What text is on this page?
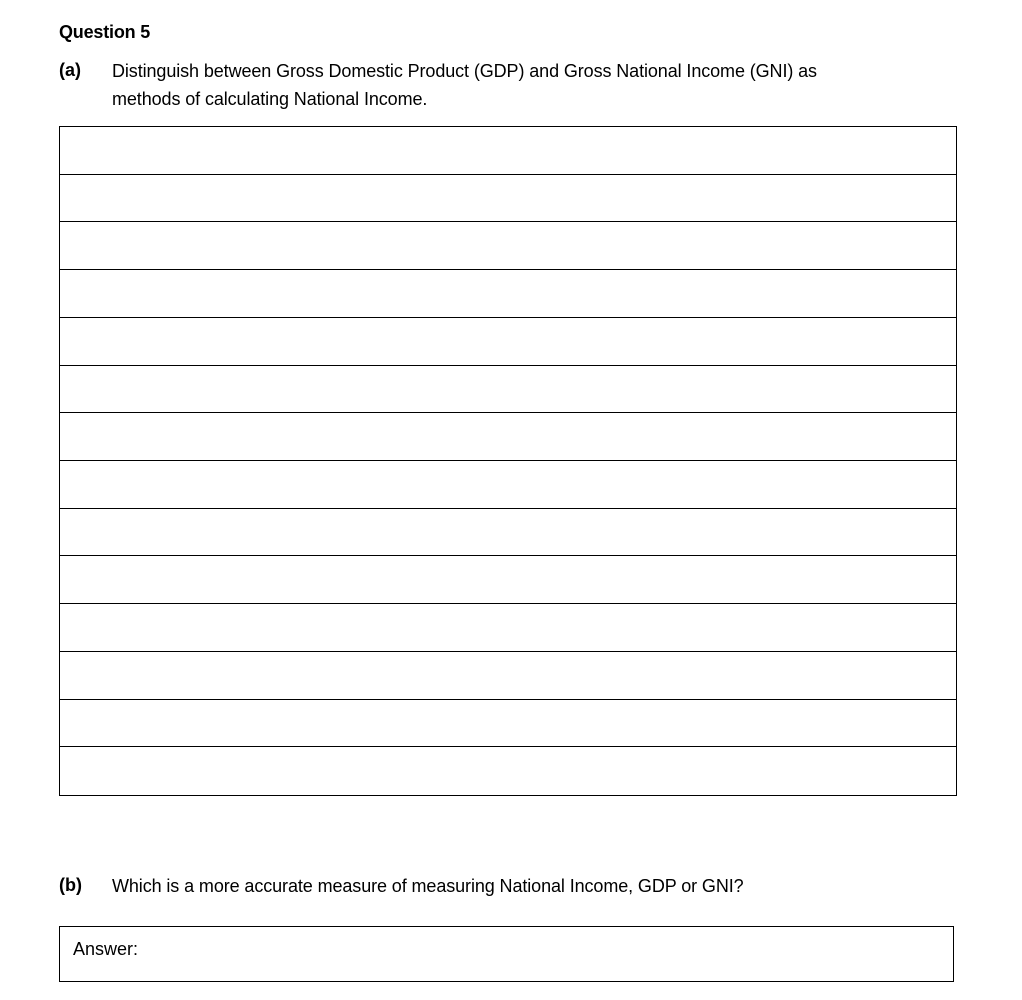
Question 5
(a) Distinguish between Gross Domestic Product (GDP) and Gross National Income (GNI) as
methods of calculating National Income.
(b) Which is a more accurate measure of measuring National Income, GDP or GNI?
Answer:
